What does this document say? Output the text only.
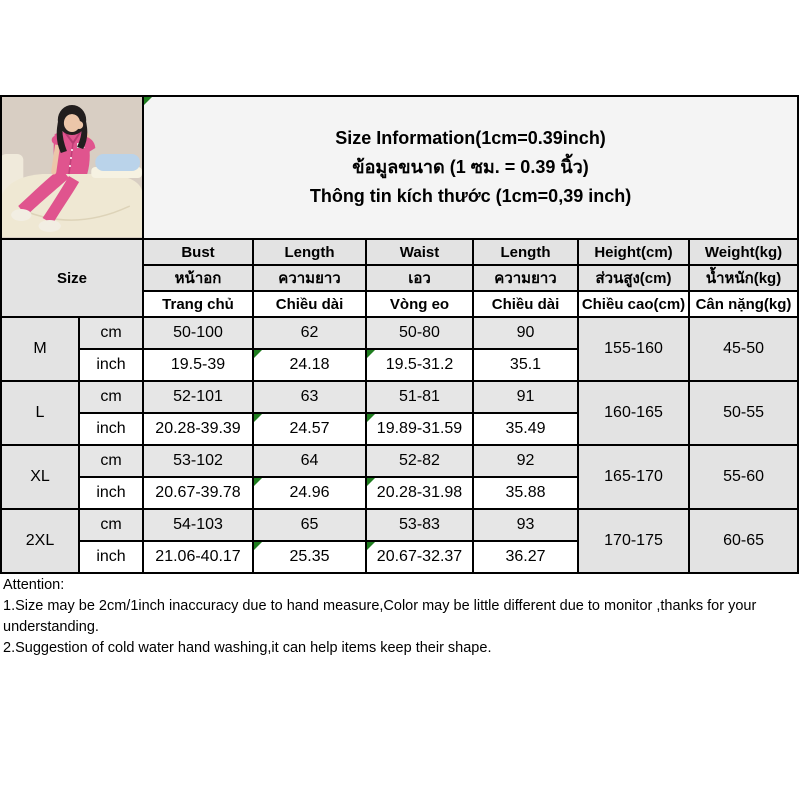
Size Information(1cm=0.39inch)
ข้อมูลขนาด (1 ซม. = 0.39 นิ้ว)
Thông tin kích thước (1cm=0,39 inch)					

Size		Bust	Length	Waist	Length	Height(cm)	Weight(kg)
		หน้าอก	ความยาว	เอว	ความยาว	ส่วนสูง(cm)	น้ำหนัก(kg)
		Trang chủ	Chiều dài	Vòng eo	Chiều dài	Chiều cao(cm)	Cân nặng(kg)
M	cm	50-100	62	50-80	90	155-160	45-50
	inch	19.5-39	24.18	19.5-31.2	35.1		
L	cm	52-101	63	51-81	91	160-165	50-55
	inch	20.28-39.39	24.57	19.89-31.59	35.49		
XL	cm	53-102	64	52-82	92	165-170	55-60
	inch	20.67-39.78	24.96	20.28-31.98	35.88		
2XL	cm	54-103	65	53-83	93	170-175	60-65
	inch	21.06-40.17	25.35	20.67-32.37	36.27		
Attention:
1.Size may be 2cm/1inch inaccuracy due to hand measure,Color may be little different due to monitor ,thanks for your understanding.
2.Suggestion of cold water hand washing,it can help items keep their shape.
